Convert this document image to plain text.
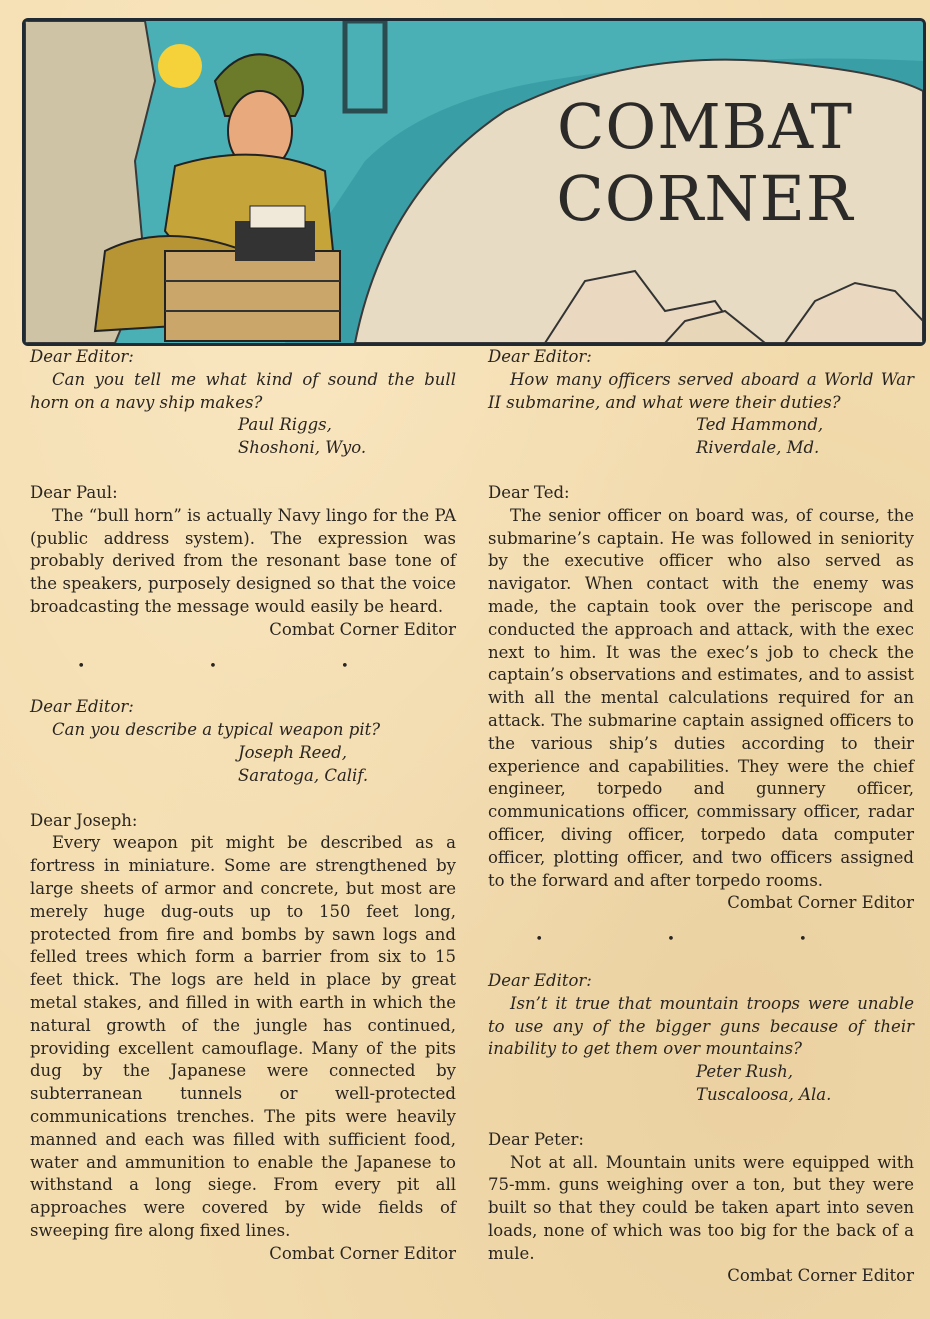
COMBAT
CORNER

Dear Editor:

Can you tell me what kind of sound the bull horn on a navy ship makes?

Paul Riggs,

Shoshoni, Wyo.

Dear Paul:

The “bull horn” is actually Navy lingo for the PA (public address system). The expression was probably derived from the resonant base tone of the speakers, purposely designed so that the voice broadcasting the message would easily be heard.

Combat Corner Editor

• • •

Dear Editor:

Can you describe a typical weapon pit?

Joseph Reed,

Saratoga, Calif.

Dear Joseph:

Every weapon pit might be described as a fortress in miniature. Some are strengthened by large sheets of armor and concrete, but most are merely huge dug-outs up to 150 feet long, protected from fire and bombs by sawn logs and felled trees which form a barrier from six to 15 feet thick. The logs are held in place by great metal stakes, and filled in with earth in which the natural growth of the jungle has continued, providing excellent camouflage. Many of the pits dug by the Japanese were connected by subterranean tunnels or well-protected communications trenches. The pits were heavily manned and each was filled with sufficient food, water and ammunition to enable the Japanese to withstand a long siege. From every pit all approaches were covered by wide fields of sweeping fire along fixed lines.

Combat Corner Editor

Dear Editor:

How many officers served aboard a World War II submarine, and what were their duties?

Ted Hammond,

Riverdale, Md.

Dear Ted:

The senior officer on board was, of course, the submarine’s captain. He was followed in seniority by the executive officer who also served as navigator. When contact with the enemy was made, the captain took over the periscope and conducted the approach and attack, with the exec next to him. It was the exec’s job to check the captain’s observations and estimates, and to assist with all the mental calculations required for an attack. The submarine captain assigned officers to the various ship’s duties according to their experience and capabilities. They were the chief engineer, torpedo and gunnery officer, communications officer, commissary officer, radar officer, diving officer, torpedo data computer officer, plotting officer, and two officers assigned to the forward and after torpedo rooms.

Combat Corner Editor

• • •

Dear Editor:

Isn’t it true that mountain troops were unable to use any of the bigger guns because of their inability to get them over mountains?

Peter Rush,

Tuscaloosa, Ala.

Dear Peter:

Not at all. Mountain units were equipped with 75-mm. guns weighing over a ton, but they were built so that they could be taken apart into seven loads, none of which was too big for the back of a mule.

Combat Corner Editor
